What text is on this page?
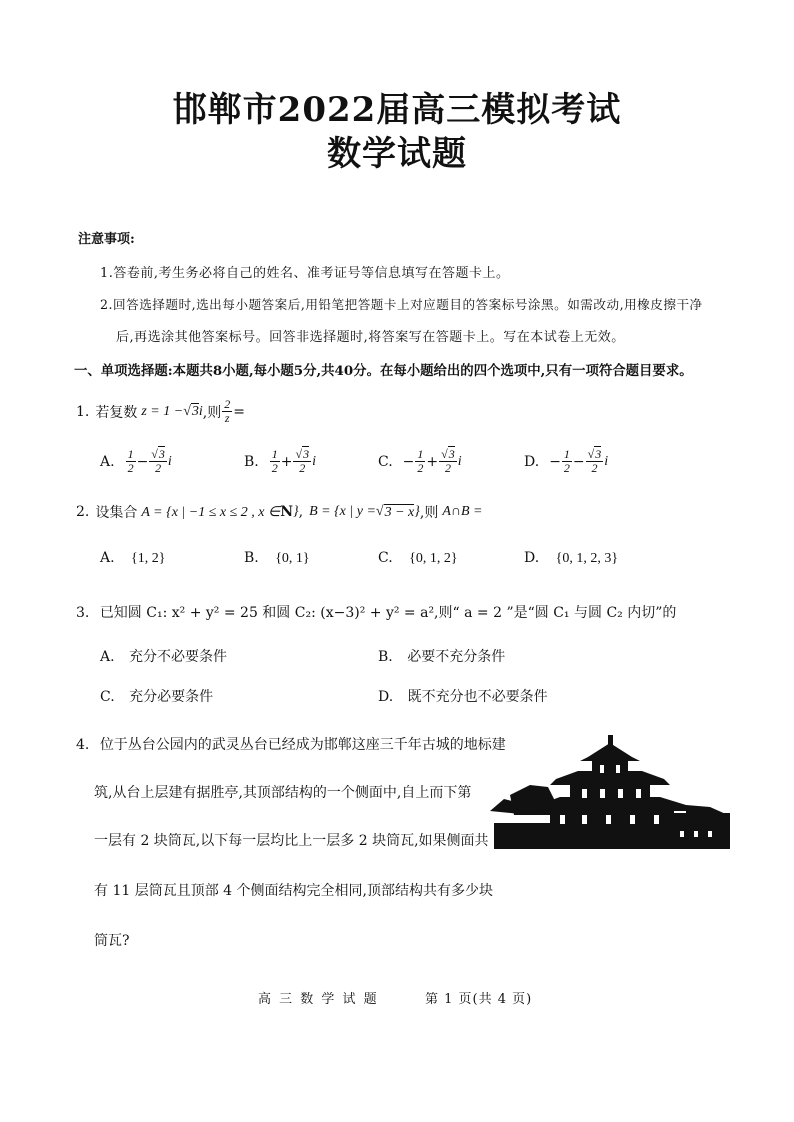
邯郸市2022届高三模拟考试
数学试题
注意事项:
1.答卷前,考生务必将自己的姓名、准考证号等信息填写在答题卡上。
2.回答选择题时,选出每小题答案后,用铅笔把答题卡上对应题目的答案标号涂黑。如需改动,用橡皮擦干净
后,再选涂其他答案标号。回答非选择题时,将答案写在答题卡上。写在本试卷上无效。
一、单项选择题:本题共8小题,每小题5分,共40分。在每小题给出的四个选项中,只有一项符合题目要求。
1. 若复数 z = 1 − √ 3 i ,则 $\frac{2}{z}$ =
A. $\frac{1}{2} - \frac{√3}{2}$ i	B. $\frac{1}{2} + \frac{√3}{2}$ i	C. − $\frac{1}{2} + \frac{√3}{2}$ i	D. − $\frac{1}{2} - \frac{√3}{2}$ i
2. 设集合 A = {x | −1 ≤ x ≤ 2 , x ∈ N } , B = {x | y = √ 3 − x } ,则 A∩B =
A. {1, 2}	B. {0, 1}	C. {0, 1, 2}	D. {0, 1, 2, 3}
3. 已知圆 C₁: x² + y² = 25 和圆 C₂: (x−3)² + y² = a²,则“ a = 2 ”是“圆 C₁ 与圆 C₂ 内切”的
A. 充分不必要条件	B. 必要不充分条件
C. 充分必要条件	D. 既不充分也不必要条件
4. 位于丛台公园内的武灵丛台已经成为邯郸这座三千年古城的地标建
筑,从台上层建有据胜亭,其顶部结构的一个侧面中,自上而下第
一层有 2 块筒瓦,以下每一层均比上一层多 2 块筒瓦,如果侧面共
有 11 层筒瓦且顶部 4 个侧面结构完全相同,顶部结构共有多少块
筒瓦?
高 三 数 学 试 题	第 1 页(共 4 页)
